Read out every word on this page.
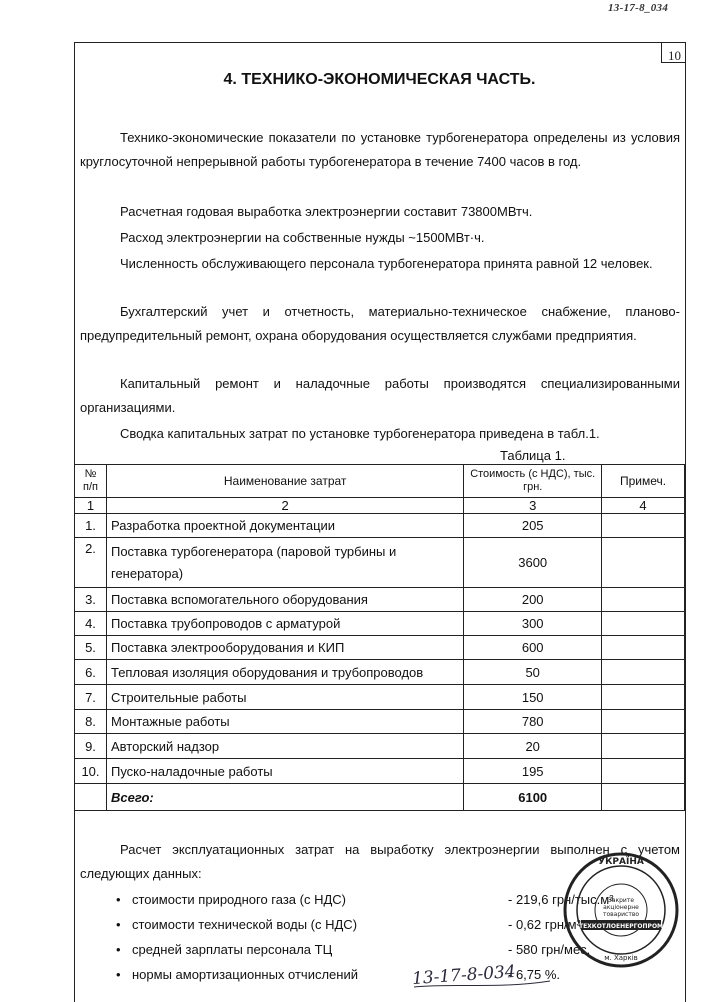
13-17-8_034
10
4. ТЕХНИКО-ЭКОНОМИЧЕСКАЯ ЧАСТЬ.
Технико-экономические показатели по установке турбогенератора определены из условия круглосуточной непрерывной работы турбогенератора в течение 7400 часов в год.
Расчетная годовая выработка электроэнергии составит 73800МВтч.
Расход электроэнергии на собственные нужды ~1500МВт·ч.
Численность обслуживающего персонала турбогенератора принята равной 12 человек.
Бухгалтерский учет и отчетность, материально-техническое снабжение, планово-предупредительный ремонт, охрана оборудования осуществляется службами предприятия.
Капитальный ремонт и наладочные работы производятся специализированными организациями.
Сводка капитальных затрат по установке турбогенератора приведена в табл.1.
Таблица 1.
№ п/п	Наименование затрат	Стоимость (с НДС), тыс. грн.	Примеч.
1	2	3	4
1.	Разработка проектной документации	205	
2.	Поставка турбогенератора (паровой турбины и генератора)	3600	
3.	Поставка вспомогательного оборудования	200	
4.	Поставка трубопроводов с арматурой	300	
5.	Поставка электрооборудования и КИП	600	
6.	Тепловая изоляция оборудования и трубопроводов	50	
7.	Строительные работы	150	
8.	Монтажные работы	780	
9.	Авторский надзор	20	
10.	Пуско-наладочные работы	195	
	Всего:	6100	
Расчет эксплуатационных затрат на выработку электроэнергии выполнен с учетом следующих данных:
• стоимости природного газа (с НДС)	- 219,6 грн/тыс.м³
• стоимости технической воды (с НДС)	- 0,62 грн/м³
• средней зарплаты персонала ТЦ	- 580 грн/мес.
• нормы амортизационных отчислений	- 6,75 %.
13-17-8-034
УКРАЇНА
Закрите
акціонерне
товариство
ТЕХКОТЛОЕНЕРГОПРОМ
м. Харків
